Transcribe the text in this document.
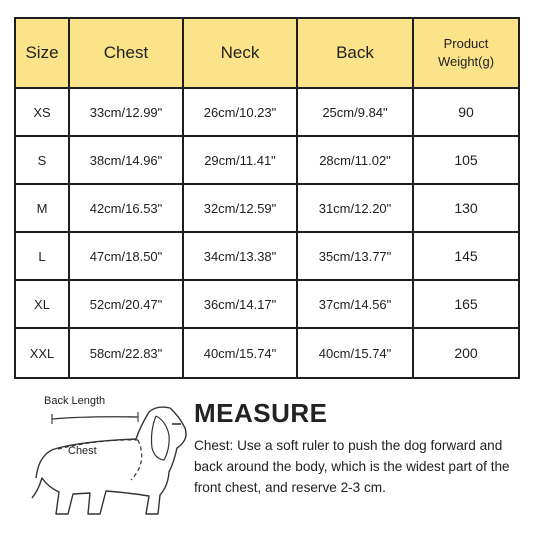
Size	Chest	Neck	Back	Product Weight(g)
XS	33cm/12.99"	26cm/10.23"	25cm/9.84"	90
S	38cm/14.96"	29cm/11.41"	28cm/11.02"	105
M	42cm/16.53"	32cm/12.59"	31cm/12.20"	130
L	47cm/18.50"	34cm/13.38"	35cm/13.77"	145
XL	52cm/20.47"	36cm/14.17"	37cm/14.56"	165
XXL	58cm/22.83"	40cm/15.74"	40cm/15.74"	200
Back Length
Chest
MEASURE
Chest: Use a soft ruler to push the dog forward and back around the body, which is the widest part of the front chest, and reserve 2-3 cm.
